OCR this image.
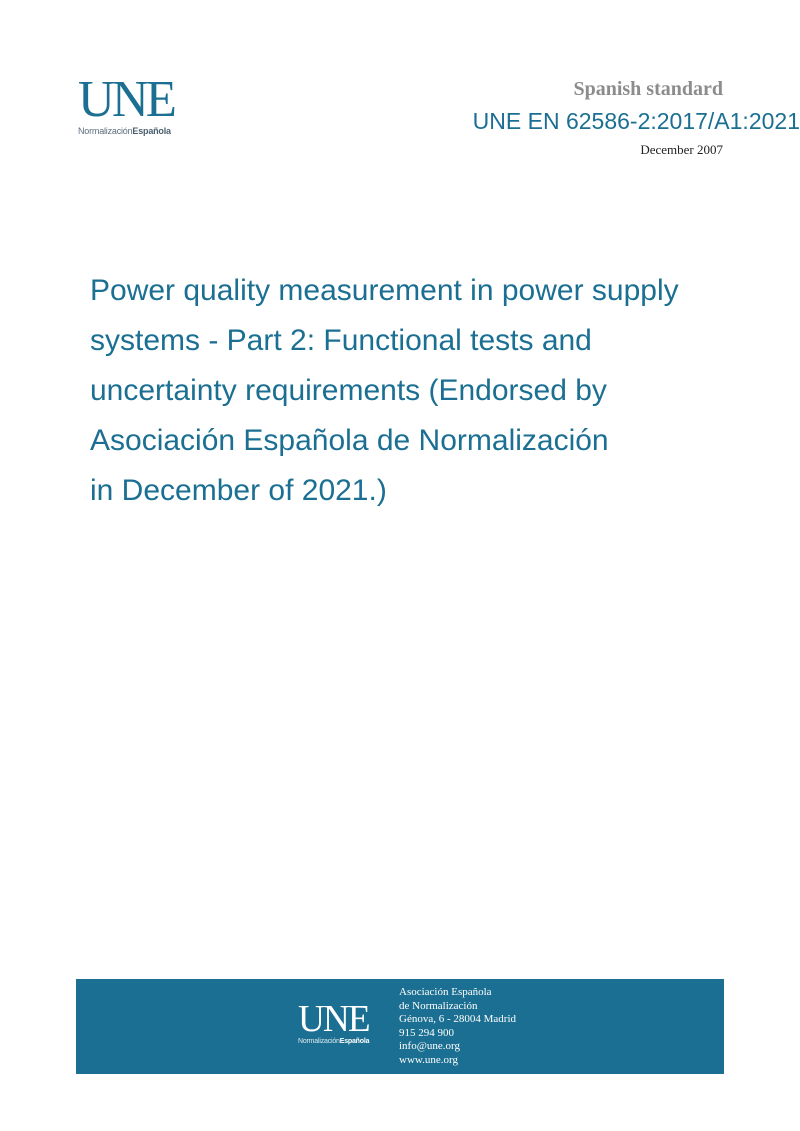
UNE
NormalizaciónEspañola
Spanish standard
UNE EN 62586-2:2017/A1:2021
December 2007
Power quality measurement in power supply
systems - Part 2: Functional tests and
uncertainty requirements (Endorsed by
Asociación Española de Normalización
in December of 2021.)
UNE
NormalizaciónEspañola
Asociación Española
de Normalización
Génova, 6 - 28004 Madrid
915 294 900
info@une.org
www.une.org
